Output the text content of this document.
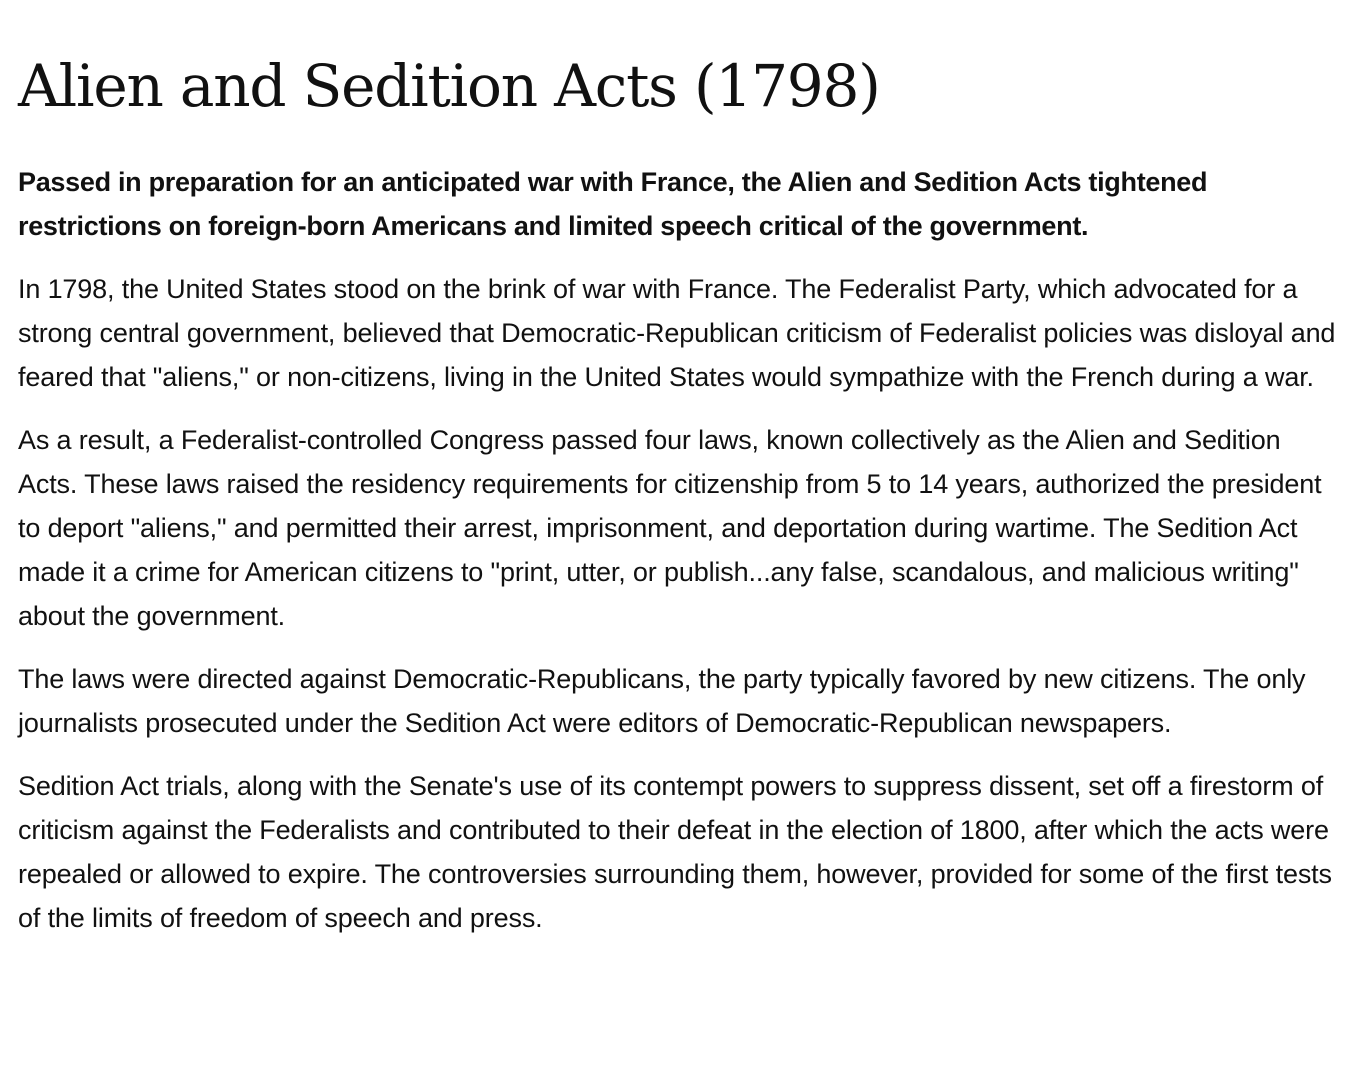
Alien and Sedition Acts (1798)

Passed in preparation for an anticipated war with France, the Alien and Sedition Acts tightened restrictions on foreign-born Americans and limited speech critical of the government.

In 1798, the United States stood on the brink of war with France. The Federalist Party, which advocated for a strong central government, believed that Democratic-Republican criticism of Federalist policies was disloyal and feared that "aliens," or non-citizens, living in the United States would sympathize with the French during a war.

As a result, a Federalist-controlled Congress passed four laws, known collectively as the Alien and Sedition Acts. These laws raised the residency requirements for citizenship from 5 to 14 years, authorized the president to deport "aliens," and permitted their arrest, imprisonment, and deportation during wartime. The Sedition Act made it a crime for American citizens to "print, utter, or publish...any false, scandalous, and malicious writing" about the government.

The laws were directed against Democratic-Republicans, the party typically favored by new citizens. The only journalists prosecuted under the Sedition Act were editors of Democratic-Republican newspapers.

Sedition Act trials, along with the Senate's use of its contempt powers to suppress dissent, set off a firestorm of criticism against the Federalists and contributed to their defeat in the election of 1800, after which the acts were repealed or allowed to expire. The controversies surrounding them, however, provided for some of the first tests of the limits of freedom of speech and press.
